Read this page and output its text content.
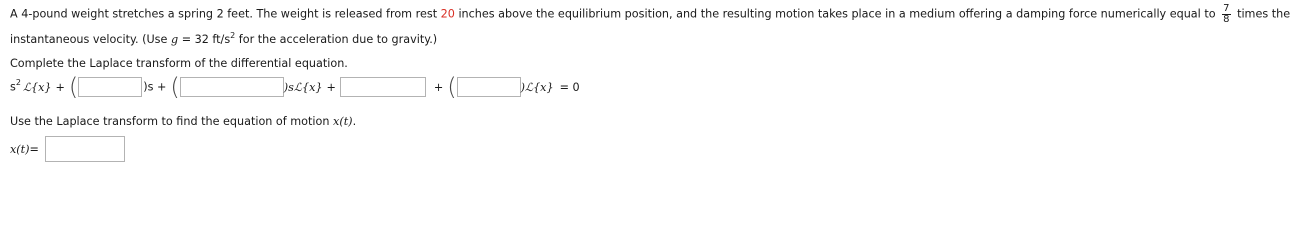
A 4-pound weight stretches a spring 2 feet. The weight is released from rest 20 inches above the equilibrium position, and the resulting motion takes place in a medium offering a damping force numerically equal to $\frac{7}{8}$ times the
instantaneous velocity. (Use g = 32 $ft/s^2$ for the acceleration due to gravity.)
Complete the Laplace transform of the differential equation.
$s^2$ ℒ{x} + (	)s + (	)sℒ{x} +	+ (	)ℒ{x} = 0
Use the Laplace transform to find the equation of motion x(t).
x(t) =
